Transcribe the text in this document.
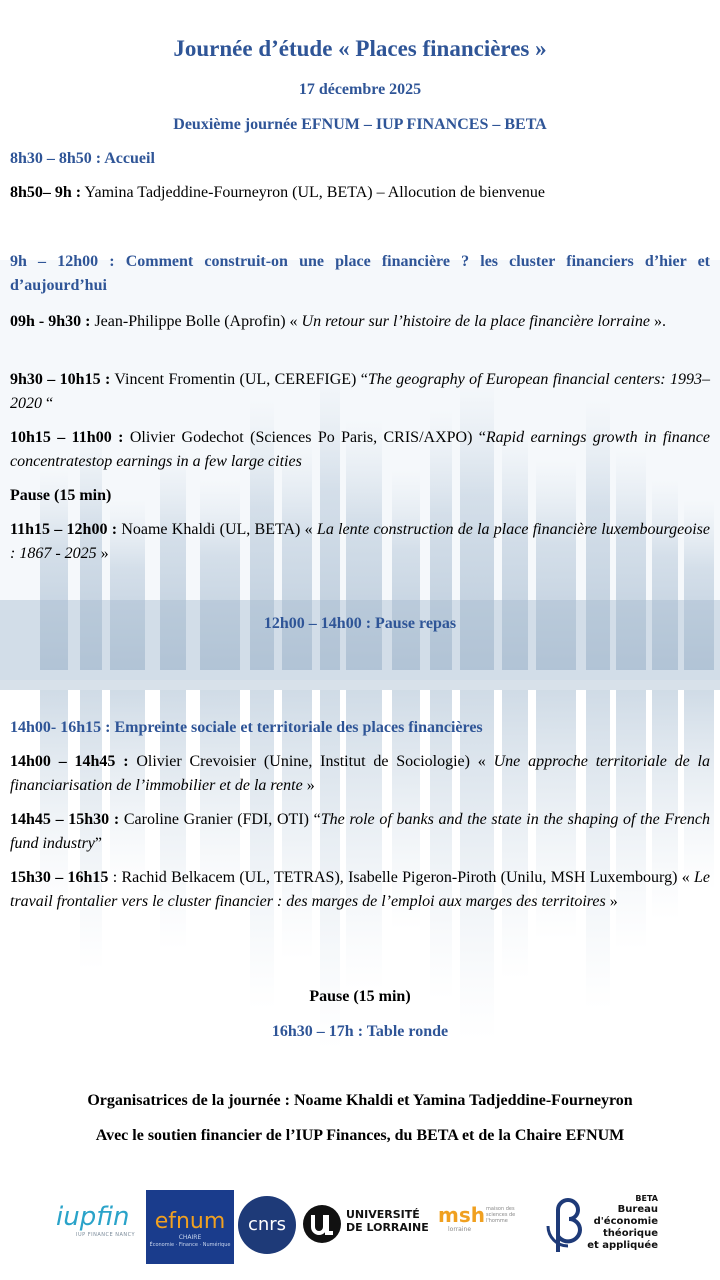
Journée d’étude « Places financières »
17 décembre 2025
Deuxième journée EFNUM – IUP FINANCES – BETA
8h30 – 8h50 : Accueil
8h50– 9h : Yamina Tadjeddine-Fourneyron (UL, BETA) – Allocution de bienvenue
9h – 12h00 : Comment construit-on une place financière ? les cluster financiers d’hier et d’aujourd’hui
09h - 9h30 : Jean-Philippe Bolle (Aprofin) « Un retour sur l’histoire de la place financière lorraine ».
9h30 – 10h15 : Vincent Fromentin (UL, CEREFIGE) “The geography of European financial centers: 1993–2020 “
10h15 – 11h00 : Olivier Godechot (Sciences Po Paris, CRIS/AXPO) “Rapid earnings growth in finance concentratestop earnings in a few large cities
Pause (15 min)
11h15 – 12h00 : Noame Khaldi (UL, BETA) « La lente construction de la place financière luxembourgeoise : 1867 - 2025 »
12h00 – 14h00 : Pause repas
14h00- 16h15 : Empreinte sociale et territoriale des places financières
14h00 – 14h45 : Olivier Crevoisier (Unine, Institut de Sociologie) « Une approche territoriale de la financiarisation de l’immobilier et de la rente »
14h45 – 15h30 : Caroline Granier (FDI, OTI) “The role of banks and the state in the shaping of the French fund industry”
15h30 – 16h15 : Rachid Belkacem (UL, TETRAS), Isabelle Pigeron-Piroth (Unilu, MSH Luxembourg) « Le travail frontalier vers le cluster financier : des marges de l’emploi aux marges des territoires »
Pause (15 min)
16h30 – 17h : Table ronde
Organisatrices de la journée : Noame Khaldi et Yamina Tadjeddine-Fourneyron
Avec le soutien financier de l’IUP Finances, du BETA et de la Chaire EFNUM
iupfin
IUP FINANCE NANCY
efnum
CHAIRE
Économie · Finance · Numérique
cnrs	UNIVERSITÉ
DE LORRAINE
msh maison des sciences de l'homme
lorraine
BETA
Bureau
d'économie
théorique
et appliquée
